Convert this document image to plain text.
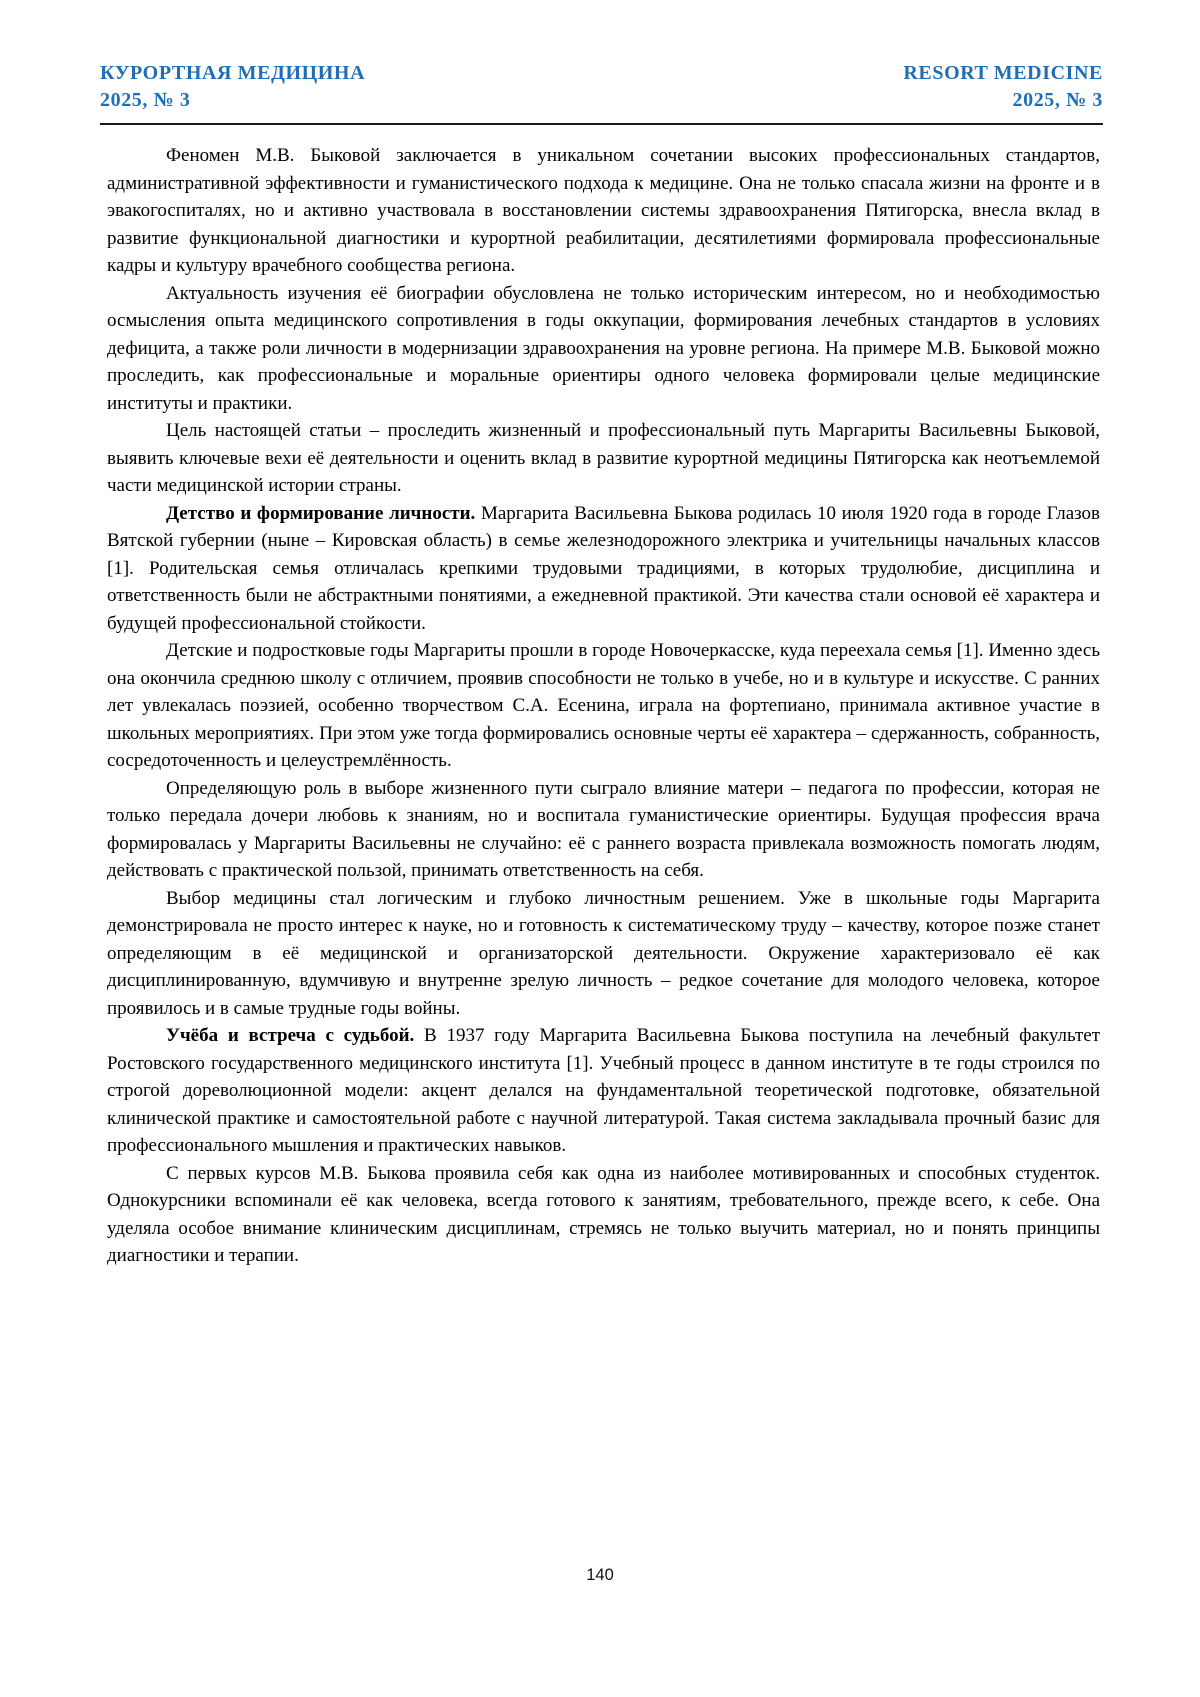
КУРОРТНАЯ МЕДИЦИНА
2025, № 3
RESORT MEDICINE
2025, № 3

Феномен М.В. Быковой заключается в уникальном сочетании высоких профессиональных стандартов, административной эффективности и гуманистического подхода к медицине. Она не только спасала жизни на фронте и в эвакогоспиталях, но и активно участвовала в восстановлении системы здравоохранения Пятигорска, внесла вклад в развитие функциональной диагностики и курортной реабилитации, десятилетиями формировала профессиональные кадры и культуру врачебного сообщества региона.

Актуальность изучения её биографии обусловлена не только историческим интересом, но и необходимостью осмысления опыта медицинского сопротивления в годы оккупации, формирования лечебных стандартов в условиях дефицита, а также роли личности в модернизации здравоохранения на уровне региона. На примере М.В. Быковой можно проследить, как профессиональные и моральные ориентиры одного человека формировали целые медицинские институты и практики.

Цель настоящей статьи – проследить жизненный и профессиональный путь Маргариты Васильевны Быковой, выявить ключевые вехи её деятельности и оценить вклад в развитие курортной медицины Пятигорска как неотъемлемой части медицинской истории страны.

Детство и формирование личности. Маргарита Васильевна Быкова родилась 10 июля 1920 года в городе Глазов Вятской губернии (ныне – Кировская область) в семье железнодорожного электрика и учительницы начальных классов [1]. Родительская семья отличалась крепкими трудовыми традициями, в которых трудолюбие, дисциплина и ответственность были не абстрактными понятиями, а ежедневной практикой. Эти качества стали основой её характера и будущей профессиональной стойкости.

Детские и подростковые годы Маргариты прошли в городе Новочеркасске, куда переехала семья [1]. Именно здесь она окончила среднюю школу с отличием, проявив способности не только в учебе, но и в культуре и искусстве. С ранних лет увлекалась поэзией, особенно творчеством С.А. Есенина, играла на фортепиано, принимала активное участие в школьных мероприятиях. При этом уже тогда формировались основные черты её характера – сдержанность, собранность, сосредоточенность и целеустремлённость.

Определяющую роль в выборе жизненного пути сыграло влияние матери – педагога по профессии, которая не только передала дочери любовь к знаниям, но и воспитала гуманистические ориентиры. Будущая профессия врача формировалась у Маргариты Васильевны не случайно: её с раннего возраста привлекала возможность помогать людям, действовать с практической пользой, принимать ответственность на себя.

Выбор медицины стал логическим и глубоко личностным решением. Уже в школьные годы Маргарита демонстрировала не просто интерес к науке, но и готовность к систематическому труду – качеству, которое позже станет определяющим в её медицинской и организаторской деятельности. Окружение характеризовало её как дисциплинированную, вдумчивую и внутренне зрелую личность – редкое сочетание для молодого человека, которое проявилось и в самые трудные годы войны.

Учёба и встреча с судьбой. В 1937 году Маргарита Васильевна Быкова поступила на лечебный факультет Ростовского государственного медицинского института [1]. Учебный процесс в данном институте в те годы строился по строгой дореволюционной модели: акцент делался на фундаментальной теоретической подготовке, обязательной клинической практике и самостоятельной работе с научной литературой. Такая система закладывала прочный базис для профессионального мышления и практических навыков.

С первых курсов М.В. Быкова проявила себя как одна из наиболее мотивированных и способных студенток. Однокурсники вспоминали её как человека, всегда готового к занятиям, требовательного, прежде всего, к себе. Она уделяла особое внимание клиническим дисциплинам, стремясь не только выучить материал, но и понять принципы диагностики и терапии.

140
